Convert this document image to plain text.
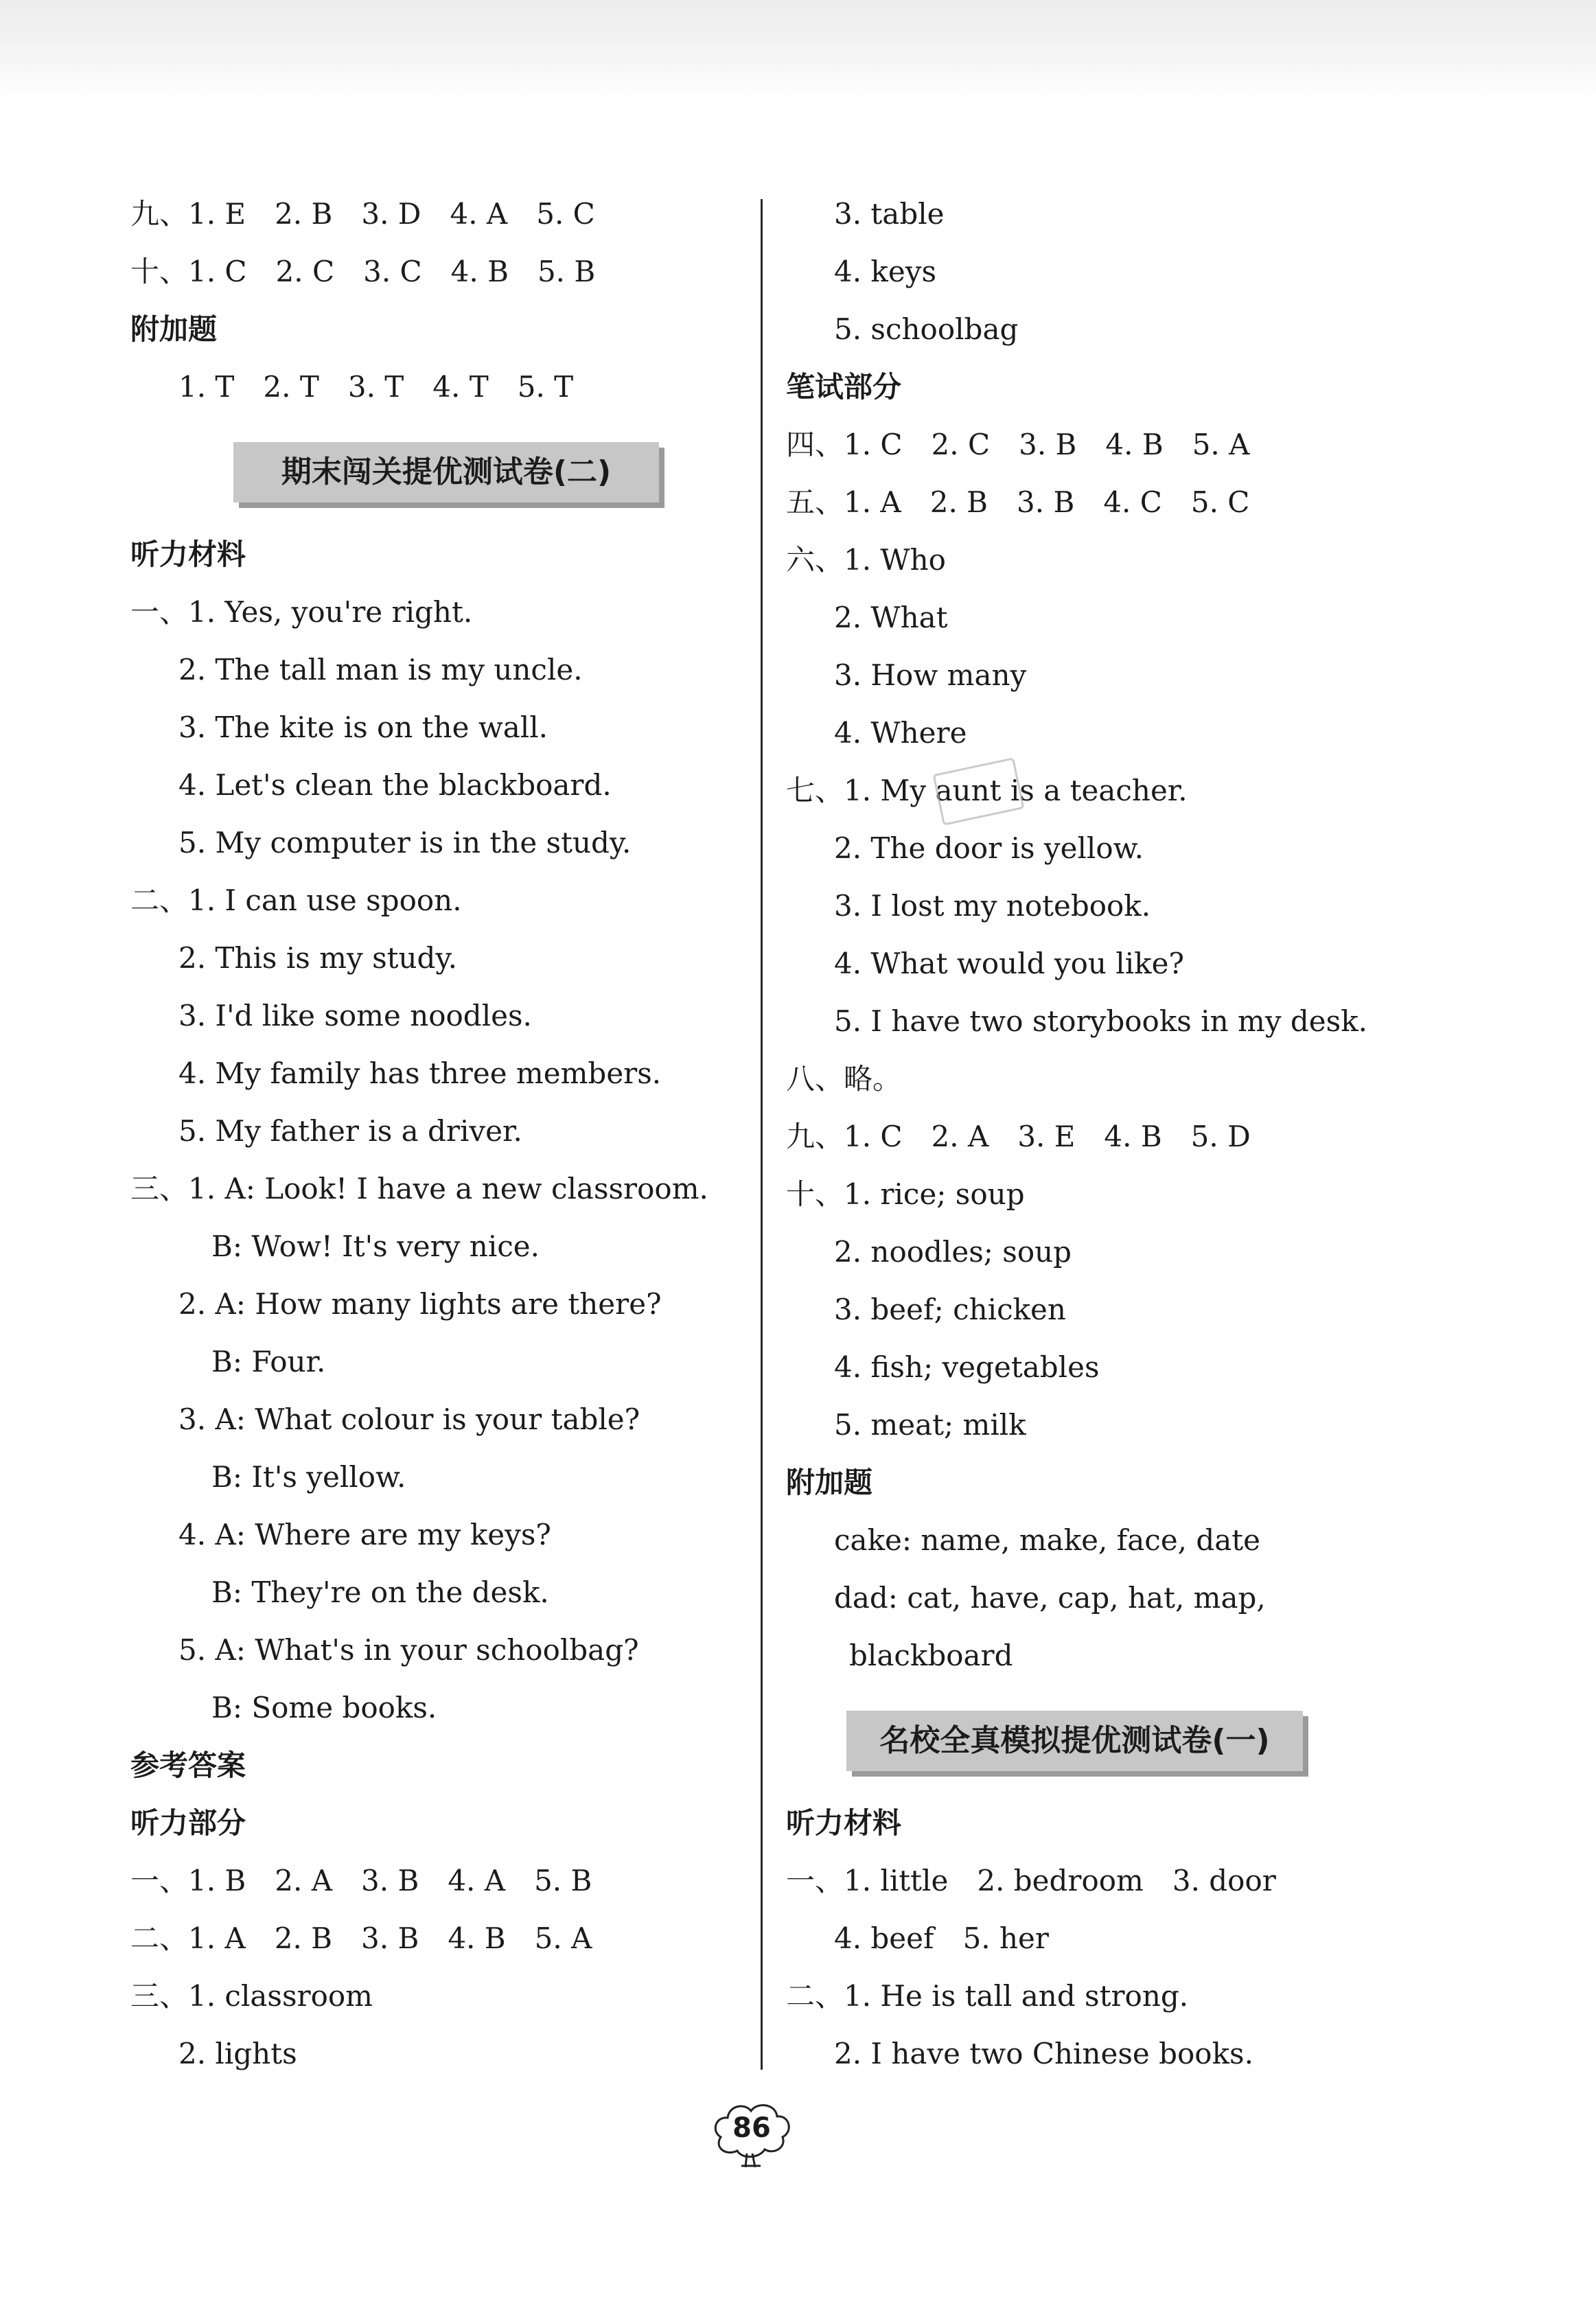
九、1. E　2. B　3. D　4. A　5. C
十、1. C　2. C　3. C　4. B　5. B
附加题
1. T　2. T　3. T　4. T　5. T
期末闯关提优测试卷(二)
听力材料
一、1. Yes, you're right.
2. The tall man is my uncle.
3. The kite is on the wall.
4. Let's clean the blackboard.
5. My computer is in the study.
二、1. I can use spoon.
2. This is my study.
3. I'd like some noodles.
4. My family has three members.
5. My father is a driver.
三、1. A: Look! I have a new classroom.
B: Wow! It's very nice.
2. A: How many lights are there?
B: Four.
3. A: What colour is your table?
B: It's yellow.
4. A: Where are my keys?
B: They're on the desk.
5. A: What's in your schoolbag?
B: Some books.
参考答案
听力部分
一、1. B　2. A　3. B　4. A　5. B
二、1. A　2. B　3. B　4. B　5. A
三、1. classroom
2. lights
3. table
4. keys
5. schoolbag
笔试部分
四、1. C　2. C　3. B　4. B　5. A
五、1. A　2. B　3. B　4. C　5. C
六、1. Who
2. What
3. How many
4. Where
七、1. My aunt is a teacher.
2. The door is yellow.
3. I lost my notebook.
4. What would you like?
5. I have two storybooks in my desk.
八、略。
九、1. C　2. A　3. E　4. B　5. D
十、1. rice; soup
2. noodles; soup
3. beef; chicken
4. fish; vegetables
5. meat; milk
附加题
cake: name, make, face, date
dad: cat, have, cap, hat, map,
blackboard
名校全真模拟提优测试卷(一)
听力材料
一、1. little　2. bedroom　3. door
4. beef　5. her
二、1. He is tall and strong.
2. I have two Chinese books.
86
